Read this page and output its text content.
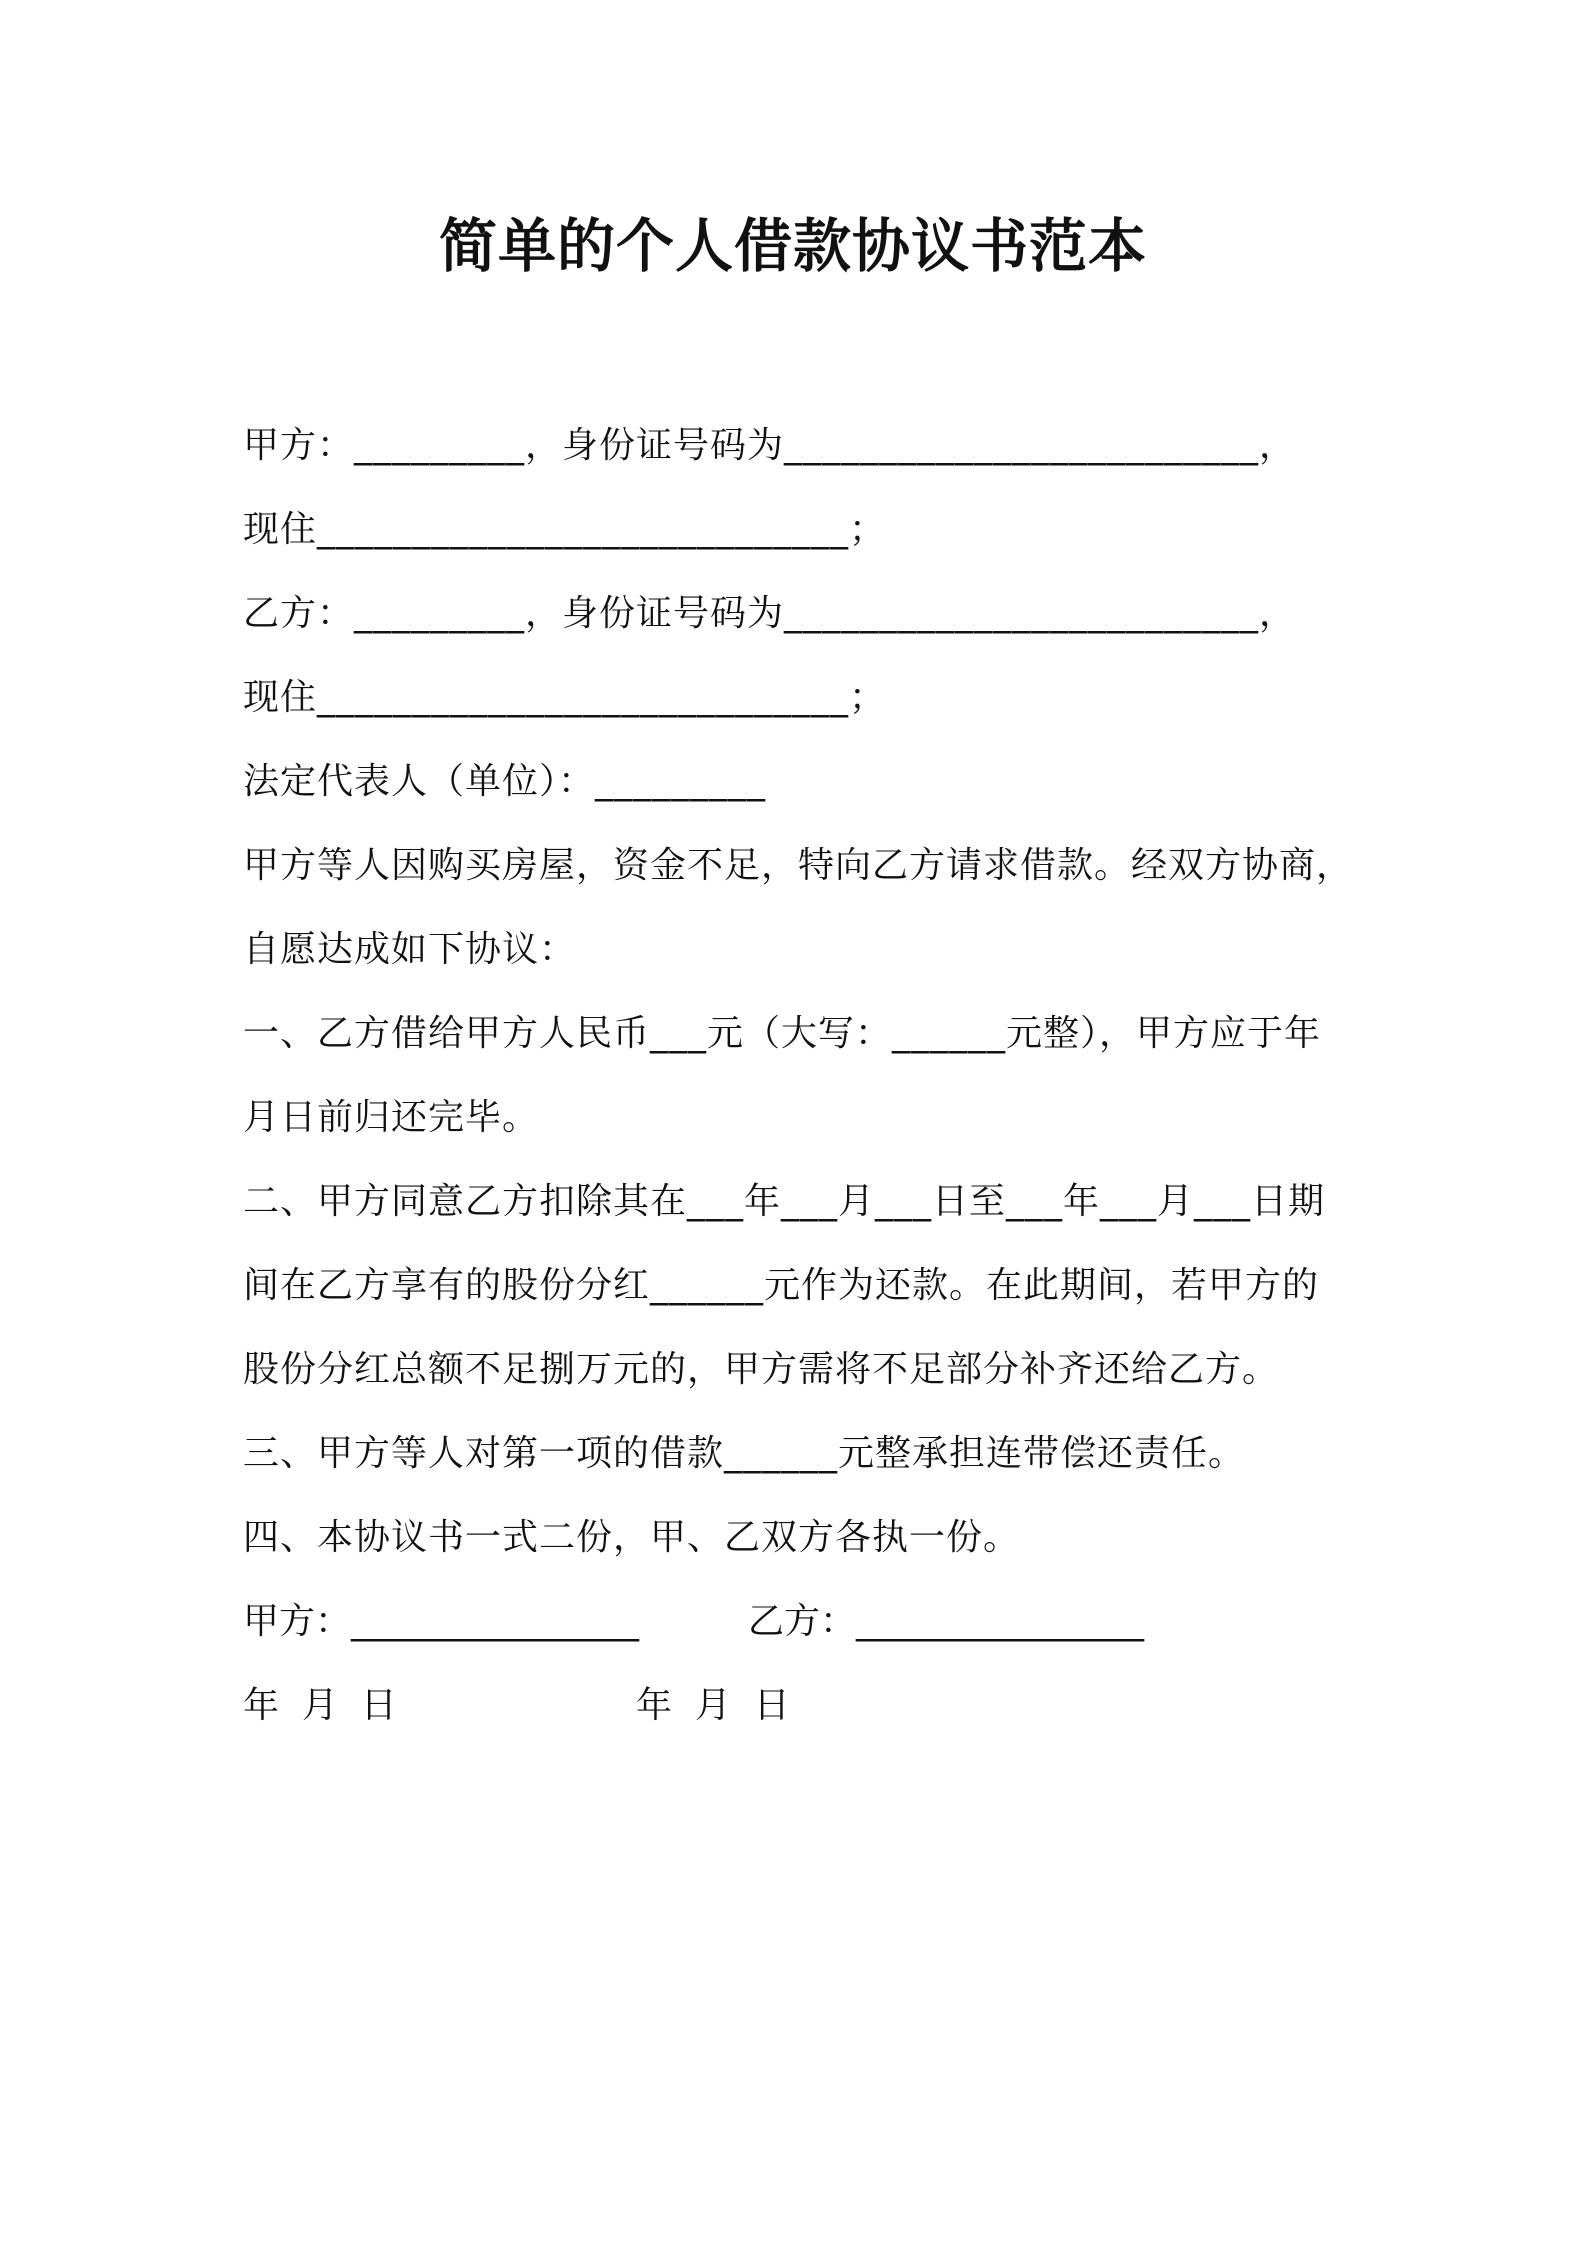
简单的个人借款协议书范本
甲方：_________，身份证号码为_________________________，
现住____________________________；
乙方：_________，身份证号码为_________________________，
现住____________________________；
法定代表人（单位）：_________
甲方等人因购买房屋，资金不足，特向乙方请求借款。经双方协商，
自愿达成如下协议：
一、乙方借给甲方人民币___元（大写：______元整），甲方应于年
月日前归还完毕。
二、甲方同意乙方扣除其在___年___月___日至___年___月___日期
间在乙方享有的股份分红______元作为还款。在此期间，若甲方的
股份分红总额不足捌万元的，甲方需将不足部分补齐还给乙方。
三、甲方等人对第一项的借款______元整承担连带偿还责任。
四、本协议书一式二份，甲、乙双方各执一份。
甲方：________________	乙方：________________

年  月  日

	年  月  日
